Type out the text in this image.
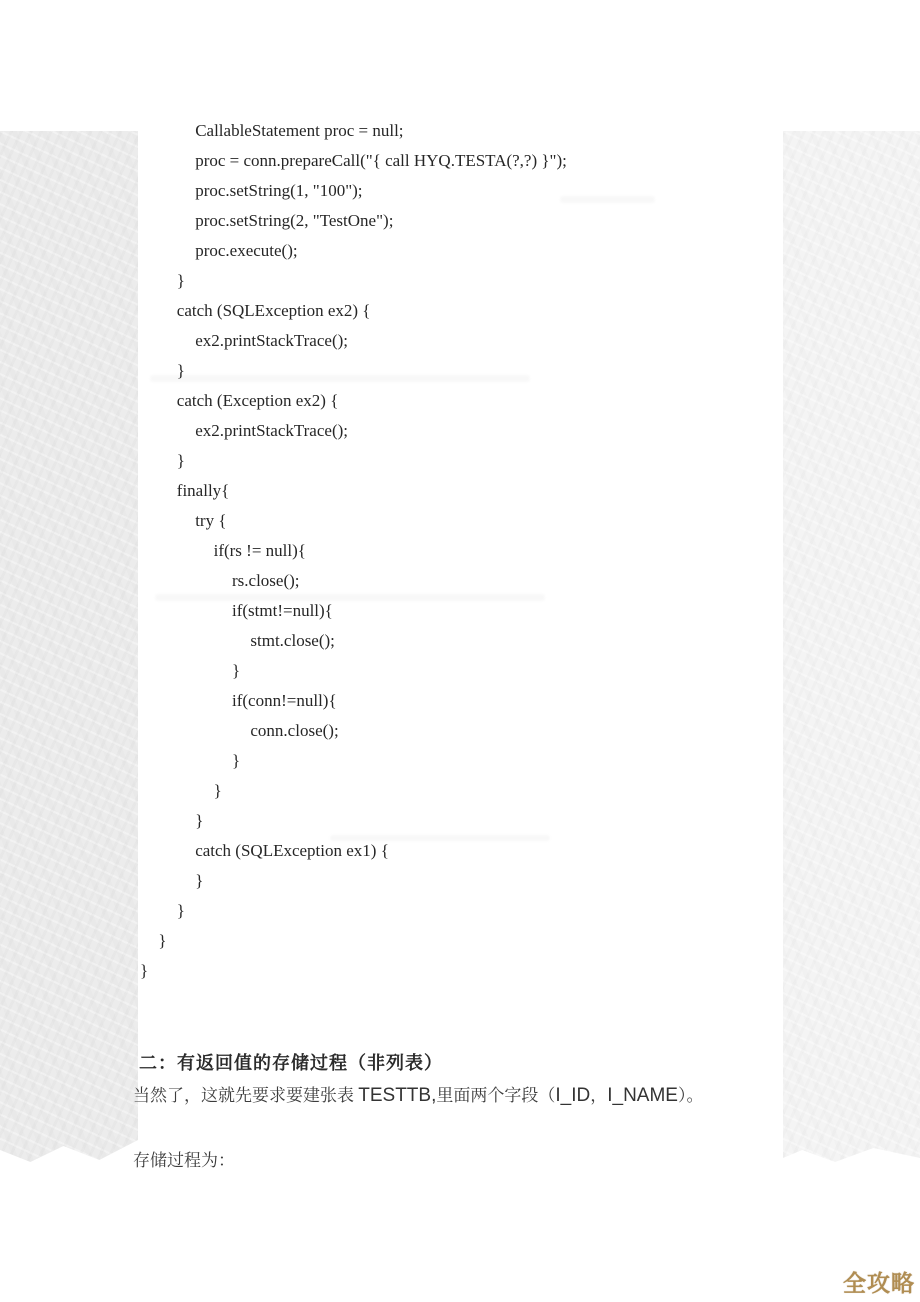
CallableStatement proc = null;
proc = conn.prepareCall("{ call HYQ.TESTA(?,?) }");
proc.setString(1, "100");
proc.setString(2, "TestOne");
proc.execute();
}
catch (SQLException ex2) {
ex2.printStackTrace();
}
catch (Exception ex2) {
ex2.printStackTrace();
}
finally{
try {
if(rs != null){
rs.close();
if(stmt!=null){
stmt.close();
}
if(conn!=null){
conn.close();
}
}
}
catch (SQLException ex1) {
}
}
}
}
二：有返回值的存储过程（非列表）
当然了，这就先要求要建张表 TESTTB,里面两个字段（I_ID，I_NAME）。
存储过程为：
全攻略
